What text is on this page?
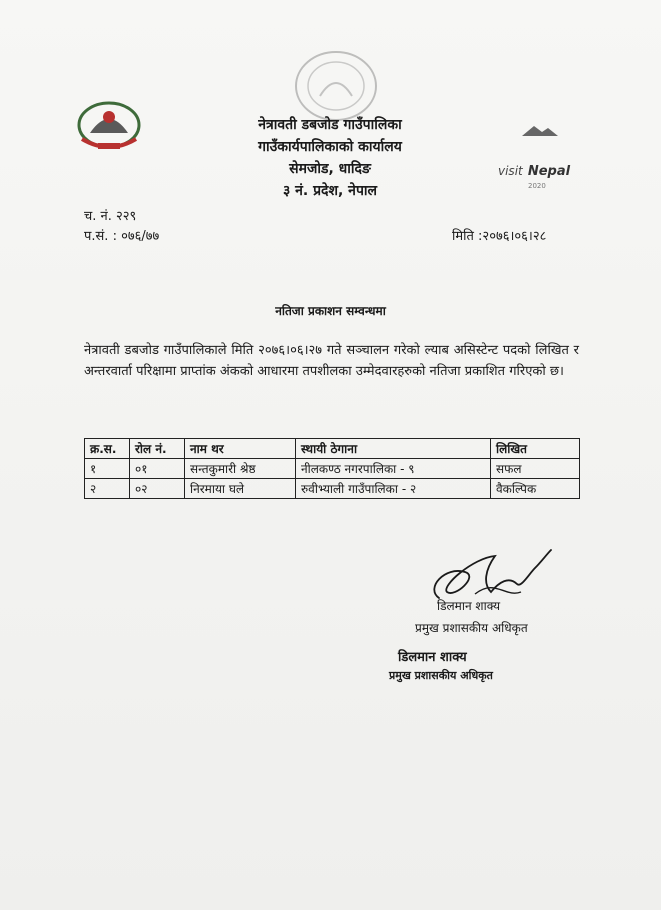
नेत्रावती डबजोड गाउँपालिका
गाउँकार्यपालिकाको कार्यालय
सेमजोड, धादिङ
३ नं. प्रदेश, नेपाल
visit Nepal
2020
च. नं. २२९
प.सं. : ०७६/७७	मिति :२०७६।०६।२८
नतिजा प्रकाशन सम्वन्धमा
नेत्रावती डबजोड गाउँपालिकाले मिति २०७६।०६।२७ गते सञ्चालन गरेको ल्याब असिस्टेन्ट पदको लिखित र अन्तरवार्ता परिक्षामा प्राप्तांक अंकको आधारमा तपशीलका उम्मेदवारहरुको नतिजा प्रकाशित गरिएको छ।
क्र.स.	रोल नं.	नाम थर	स्थायी ठेगाना	लिखित
१	०१	सन्तकुमारी श्रेष्ठ	नीलकण्ठ नगरपालिका - ९	सफल
२	०२	निरमाया घले	रुवीभ्याली गाउँपालिका - २	वैकल्पिक
डिलमान शाक्य
प्रमुख प्रशासकीय अधिकृत
डिलमान शाक्य
प्रमुख प्रशासकीय अधिकृत
